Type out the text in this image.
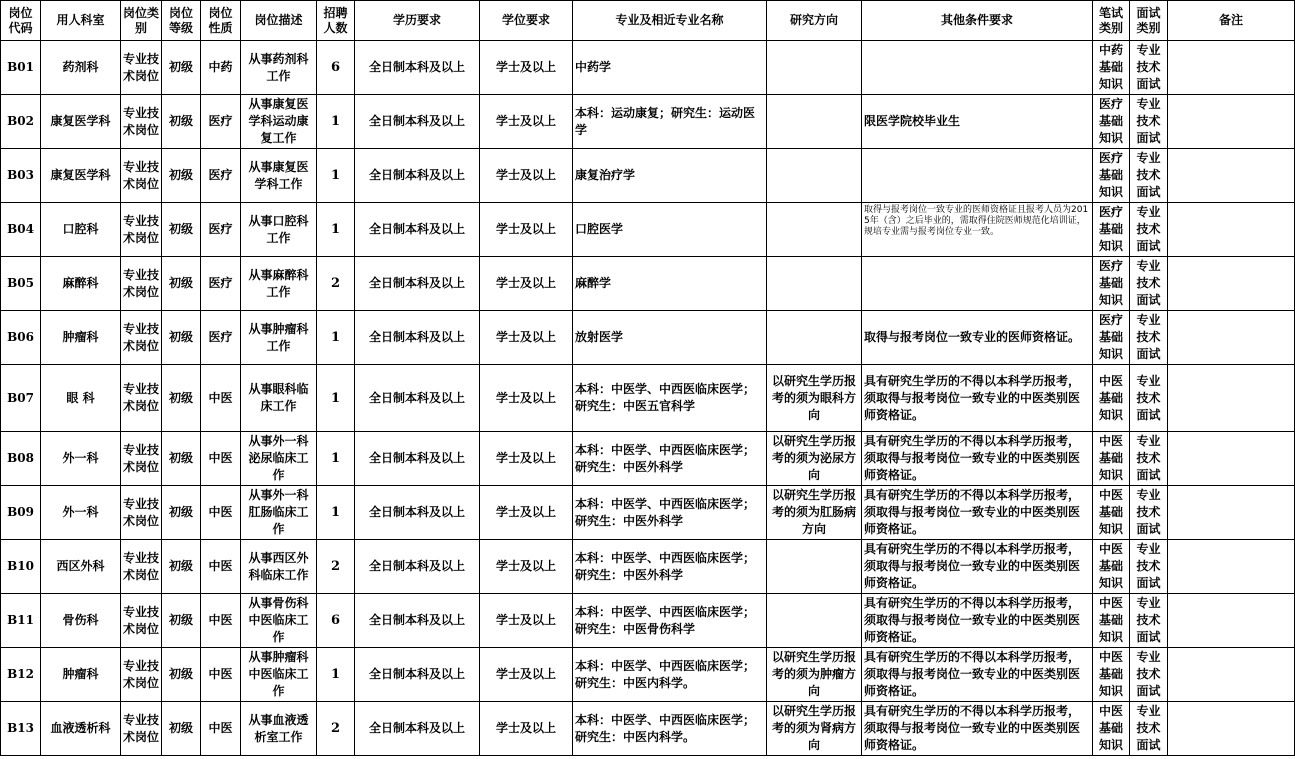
岗位代码	用人科室	岗位类别	岗位等级	岗位性质	岗位描述	招聘人数	学历要求	学位要求	专业及相近专业名称	研究方向	其他条件要求	笔试类别	面试类别	备注
B01	药剂科	专业技术岗位	初级	中药	从事药剂科工作	6	全日制本科及以上	学士及以上	中药学			中药基础知识	专业技术面试	
B02	康复医学科	专业技术岗位	初级	医疗	从事康复医学科运动康复工作	1	全日制本科及以上	学士及以上	本科：运动康复；研究生：运动医学		限医学院校毕业生	医疗基础知识	专业技术面试	
B03	康复医学科	专业技术岗位	初级	医疗	从事康复医学科工作	1	全日制本科及以上	学士及以上	康复治疗学			医疗基础知识	专业技术面试	
B04	口腔科	专业技术岗位	初级	医疗	从事口腔科工作	1	全日制本科及以上	学士及以上	口腔医学		取得与报考岗位一致专业的医师资格证且报考人员为2015年（含）之后毕业的，需取得住院医师规范化培训证，规培专业需与报考岗位专业一致。	医疗基础知识	专业技术面试	
B05	麻醉科	专业技术岗位	初级	医疗	从事麻醉科工作	2	全日制本科及以上	学士及以上	麻醉学			医疗基础知识	专业技术面试	
B06	肿瘤科	专业技术岗位	初级	医疗	从事肿瘤科工作	1	全日制本科及以上	学士及以上	放射医学		取得与报考岗位一致专业的医师资格证。	医疗基础知识	专业技术面试	
B07	眼 科	专业技术岗位	初级	中医	从事眼科临床工作	1	全日制本科及以上	学士及以上	本科：中医学、中西医临床医学；研究生：中医五官科学	以研究生学历报考的须为眼科方向	具有研究生学历的不得以本科学历报考，须取得与报考岗位一致专业的中医类别医师资格证。	中医基础知识	专业技术面试	
B08	外一科	专业技术岗位	初级	中医	从事外一科泌尿临床工作	1	全日制本科及以上	学士及以上	本科：中医学、中西医临床医学；研究生：中医外科学	以研究生学历报考的须为泌尿方向	具有研究生学历的不得以本科学历报考，须取得与报考岗位一致专业的中医类别医师资格证。	中医基础知识	专业技术面试	
B09	外一科	专业技术岗位	初级	中医	从事外一科肛肠临床工作	1	全日制本科及以上	学士及以上	本科：中医学、中西医临床医学；研究生：中医外科学	以研究生学历报考的须为肛肠病方向	具有研究生学历的不得以本科学历报考，须取得与报考岗位一致专业的中医类别医师资格证。	中医基础知识	专业技术面试	
B10	西区外科	专业技术岗位	初级	中医	从事西区外科临床工作	2	全日制本科及以上	学士及以上	本科：中医学、中西医临床医学；研究生：中医外科学		具有研究生学历的不得以本科学历报考，须取得与报考岗位一致专业的中医类别医师资格证。	中医基础知识	专业技术面试	
B11	骨伤科	专业技术岗位	初级	中医	从事骨伤科中医临床工作	6	全日制本科及以上	学士及以上	本科：中医学、中西医临床医学；研究生：中医骨伤科学		具有研究生学历的不得以本科学历报考，须取得与报考岗位一致专业的中医类别医师资格证。	中医基础知识	专业技术面试	
B12	肿瘤科	专业技术岗位	初级	中医	从事肿瘤科中医临床工作	1	全日制本科及以上	学士及以上	本科：中医学、中西医临床医学；研究生：中医内科学。	以研究生学历报考的须为肿瘤方向	具有研究生学历的不得以本科学历报考，须取得与报考岗位一致专业的中医类别医师资格证。	中医基础知识	专业技术面试	
B13	血液透析科	专业技术岗位	初级	中医	从事血液透析室工作	2	全日制本科及以上	学士及以上	本科：中医学、中西医临床医学；研究生：中医内科学。	以研究生学历报考的须为肾病方向	具有研究生学历的不得以本科学历报考，须取得与报考岗位一致专业的中医类别医师资格证。	中医基础知识	专业技术面试	
